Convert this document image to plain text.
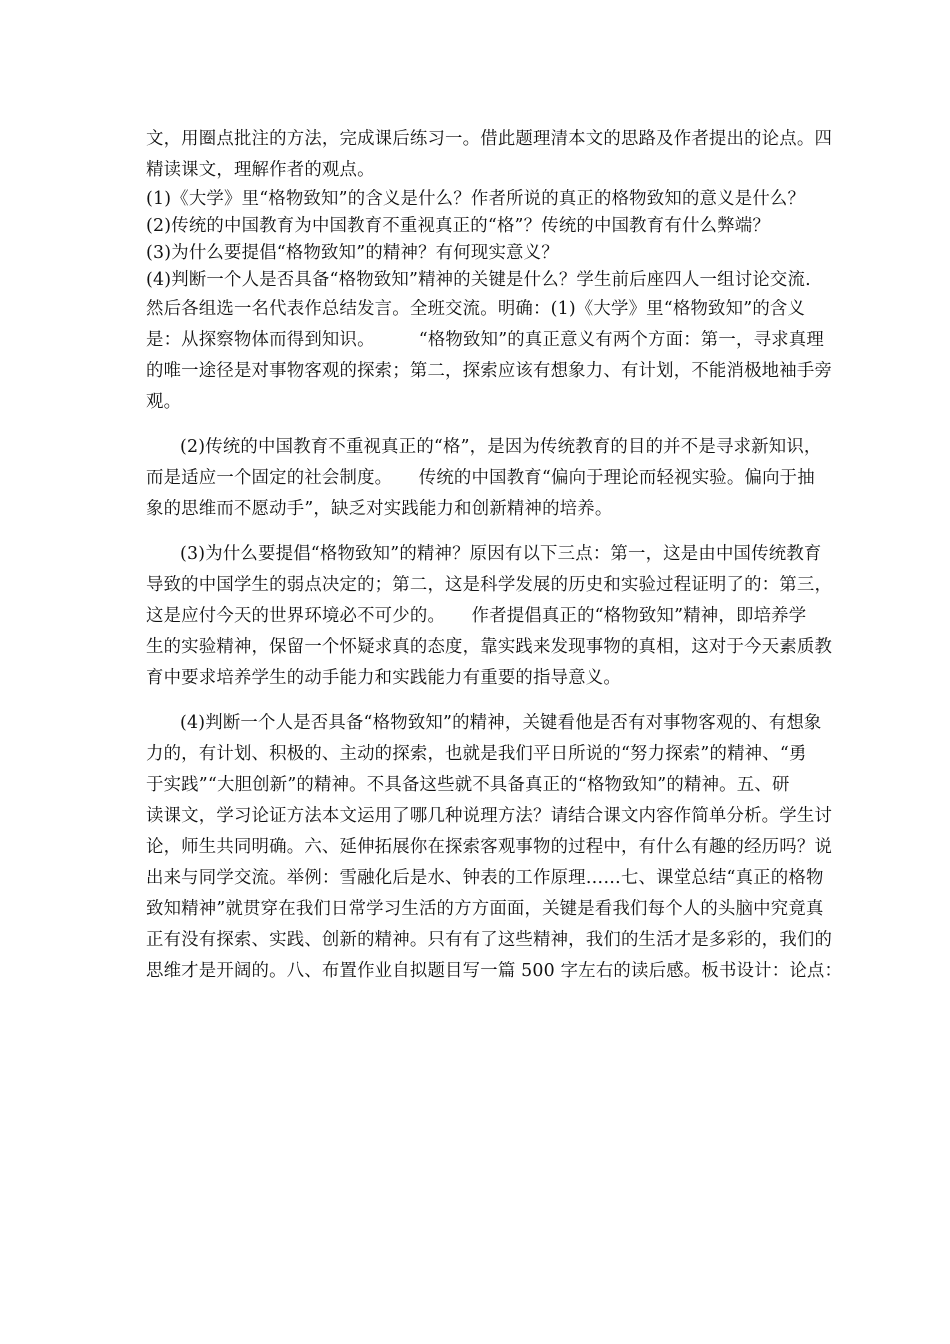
文，用圈点批注的方法，完成课后练习一。借此题理清本文的思路及作者提出的论点。四
精读课文，理解作者的观点。
(1)《大学》里“格物致知”的含义是什么？作者所说的真正的格物致知的意义是什么？
(2)传统的中国教育为中国教育不重视真正的“格”？传统的中国教育有什么弊端？
(3)为什么要提倡“格物致知”的精神？有何现实意义？
(4)判断一个人是否具备“格物致知”精神的关键是什么？学生前后座四人一组讨论交流.
然后各组选一名代表作总结发言。全班交流。明确：(1)《大学》里“格物致知”的含义
是：从探察物体而得到知识。　　　“格物致知”的真正意义有两个方面：第一，寻求真理
的唯一途径是对事物客观的探索；第二，探索应该有想象力、有计划，不能消极地袖手旁
观。
(2)传统的中国教育不重视真正的“格”，是因为传统教育的目的并不是寻求新知识，
而是适应一个固定的社会制度。　　传统的中国教育“偏向于理论而轻视实验。偏向于抽
象的思维而不愿动手”，缺乏对实践能力和创新精神的培养。
(3)为什么要提倡“格物致知”的精神？原因有以下三点：第一，这是由中国传统教育
导致的中国学生的弱点决定的；第二，这是科学发展的历史和实验过程证明了的：第三，
这是应付今天的世界环境必不可少的。　　作者提倡真正的“格物致知”精神，即培养学
生的实验精神，保留一个怀疑求真的态度，靠实践来发现事物的真相，这对于今天素质教
育中要求培养学生的动手能力和实践能力有重要的指导意义。
(4)判断一个人是否具备“格物致知”的精神，关键看他是否有对事物客观的、有想象
力的，有计划、积极的、主动的探索，也就是我们平日所说的“努力探索”的精神、“勇
于实践”“大胆创新”的精神。不具备这些就不具备真正的“格物致知”的精神。五、研
读课文，学习论证方法本文运用了哪几种说理方法？请结合课文内容作简单分析。学生讨
论，师生共同明确。六、延伸拓展你在探索客观事物的过程中，有什么有趣的经历吗？说
出来与同学交流。举例：雪融化后是水、钟表的工作原理……七、课堂总结“真正的格物
致知精神”就贯穿在我们日常学习生活的方方面面，关键是看我们每个人的头脑中究竟真
正有没有探索、实践、创新的精神。只有有了这些精神，我们的生活才是多彩的，我们的
思维才是开阔的。八、布置作业自拟题目写一篇 500 字左右的读后感。板书设计：论点：
